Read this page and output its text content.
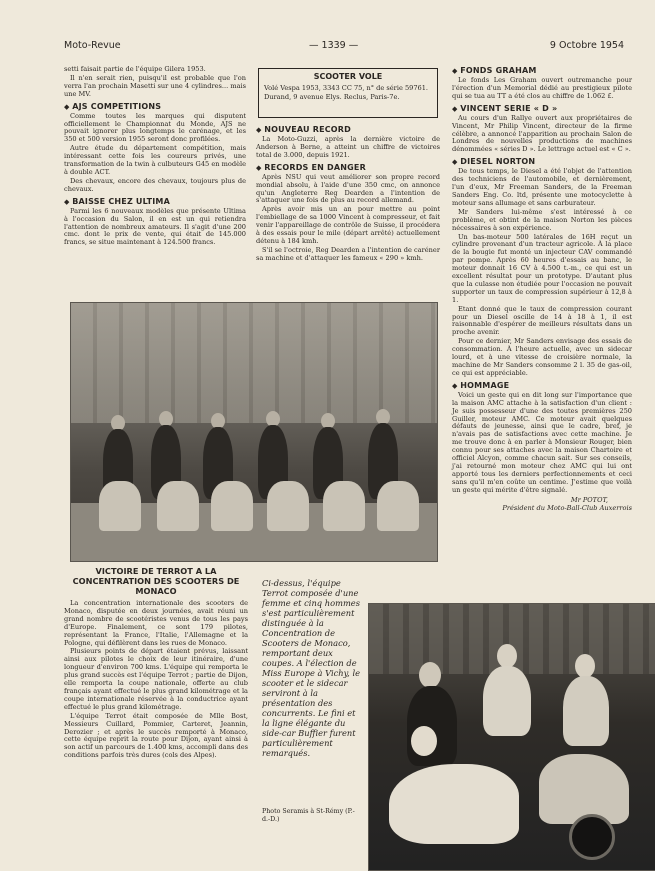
Moto-Revue	— 1339 —	9 Octobre 1954

setti faisait partie de l'équipe Gilera 1953.

Il n'en serait rien, puisqu'il est probable que l'on verra l'an prochain Masetti sur une 4 cylindres... mais une MV.

◆ AJS COMPETITIONS

Comme toutes les marques qui disputent officiellement le Championnat du Monde, AJS ne pouvait ignorer plus longtemps le carénage, et les 350 et 500 version 1955 seront donc profilées.

Autre étude du département compétition, mais intéressant cette fois les coureurs privés, une transformation de la twin à culbuteurs G45 en modèle à double ACT.

Des chevaux, encore des chevaux, toujours plus de chevaux.

◆ BAISSE CHEZ ULTIMA

Parmi les 6 nouveaux modèles que présente Ultima à l'occasion du Salon, il en est un qui retiendra l'attention de nombreux amateurs. Il s'agit d'une 200 cmc. dont le prix de vente, qui était de 145.000 francs, se situe maintenant à 124.500 francs.

SCOOTER VOLE
Volé Vespa 1953, 3343 CC 75, n° de série 59761. Durand, 9 avenue Elys. Reclus, Paris-7e.
◆ NOUVEAU RECORD

La Moto-Guzzi, après la dernière victoire de Anderson à Berne, a atteint un chiffre de victoires total de 3.000, depuis 1921.

◆ RECORDS EN DANGER

Après NSU qui veut améliorer son propre record mondial absolu, à l'aide d'une 350 cmc, on annonce qu'un Angleterre Reg Dearden a l'intention de s'attaquer une fois de plus au record allemand.

Après avoir mis un an pour mettre au point l'embiellage de sa 1000 Vincent à compresseur, et fait venir l'appareillage de contrôle de Suisse, il procédera à des essais pour le mile (départ arrêté) actuellement détenu à 184 kmh.

S'il se l'octroie, Reg Dearden a l'intention de caréner sa machine et d'attaquer les fameux « 290 » kmh.

◆ FONDS GRAHAM

Le fonds Les Graham ouvert outremanche pour l'érection d'un Memorial dédié au prestigieux pilote qui se tua au TT a été clos au chiffre de 1.062 £.

◆ VINCENT SERIE « D »

Au cours d'un Rallye ouvert aux propriétaires de Vincent, Mr Philip Vincent, directeur de la firme célèbre, a annoncé l'apparition au prochain Salon de Londres de nouvelles productions de machines dénommées « séries D ». Le lettrage actuel est « C ».

◆ DIESEL NORTON

De tous temps, le Diesel a été l'objet de l'attention des techniciens de l'automobile, et dernièrement, l'un d'eux, Mr Freeman Sanders, de la Freeman Sanders Eng. Co. ltd, présente une motocyclette à moteur sans allumage et sans carburateur.

Mr Sanders lui-même s'est intéressé à ce problème, et obtint de la maison Norton les pièces nécessaires à son expérience.

Un bas-moteur 500 latérales de 16H reçut un cylindre provenant d'un tracteur agricole. À la place de la bougie fut monté un injecteur CAV commandé par pompe. Après 60 heures d'essais au banc, le moteur donnait 16 CV à 4.500 t.-m., ce qui est un excellent résultat pour un prototype. D'autant plus que la culasse non étudiée pour l'occasion ne pouvait supporter un taux de compression supérieur à 12,8 à 1.

Etant donné que le taux de compression courant pour un Diesel oscille de 14 à 18 à 1, il est raisonnable d'espérer de meilleurs résultats dans un proche avenir.

Pour ce dernier, Mr Sanders envisage des essais de consommation. À l'heure actuelle, avec un sidecar lourd, et à une vitesse de croisière normale, la machine de Mr Sanders consomme 2 l. 35 de gas-oil, ce qui est appréciable.

◆ HOMMAGE

Voici un geste qui en dit long sur l'importance que la maison AMC attache à la satisfaction d'un client : Je suis possesseur d'une des toutes premières 250 Guiller, moteur AMC. Ce moteur avait quelques défauts de jeunesse, ainsi que le cadre, bref, je n'avais pas de satisfactions avec cette machine. Je me trouve donc à en parler à Monsieur Rouger, bien connu pour ses attaches avec la maison Chartoire et officiel Alcyon, comme chacun sait. Sur ses conseils, j'ai retourné mon moteur chez AMC qui lui ont apporté tous les derniers perfectionnements et ceci sans qu'il m'en coûte un centime. J'estime que voilà un geste qui mérite d'être signalé.

Mr POTOT,
Président du Moto-Ball-Club Auxerrois
VICTOIRE DE TERROT A LA CONCENTRATION DES SCOOTERS DE MONACO

La concentration internationale des scooters de Monaco, disputée en deux journées, avait réuni un grand nombre de scootéristes venus de tous les pays d'Europe. Finalement, ce sont 179 pilotes, représentant la France, l'Italie, l'Allemagne et la Pologne, qui défilèrent dans les rues de Monaco.

Plusieurs points de départ étaient prévus, laissant ainsi aux pilotes le choix de leur itinéraire, d'une longueur d'environ 700 kms. L'équipe qui remporta le plus grand succès est l'équipe Terrot ; partie de Dijon, elle remporta la coupe nationale, offerte au club français ayant effectué le plus grand kilométrage et la coupe internationale réservée à la conductrice ayant effectué le plus grand kilométrage.

L'équipe Terrot était composée de Mlle Bost, Messieurs Cuillard, Pommier, Carteret, Jeannin, Derozier ; et après le succès remporté à Monaco, cette équipe reprit la route pour Dijon, ayant ainsi à son actif un parcours de 1.400 kms, accompli dans des conditions parfois très dures (cols des Alpes).

Ci-dessus, l'équipe Terrot composée d'une femme et cinq hommes s'est particulièrement distinguée à la Concentration de Scooters de Monaco, remportant deux coupes. A l'élection de Miss Europe à Vichy, le scooter et le sidecar serviront à la présentation des concurrents. Le fini et la ligne élégante du side-car Buffier furent particulièrement remarqués.
Photo Seramis à St-Rémy (P.-d.-D.)
